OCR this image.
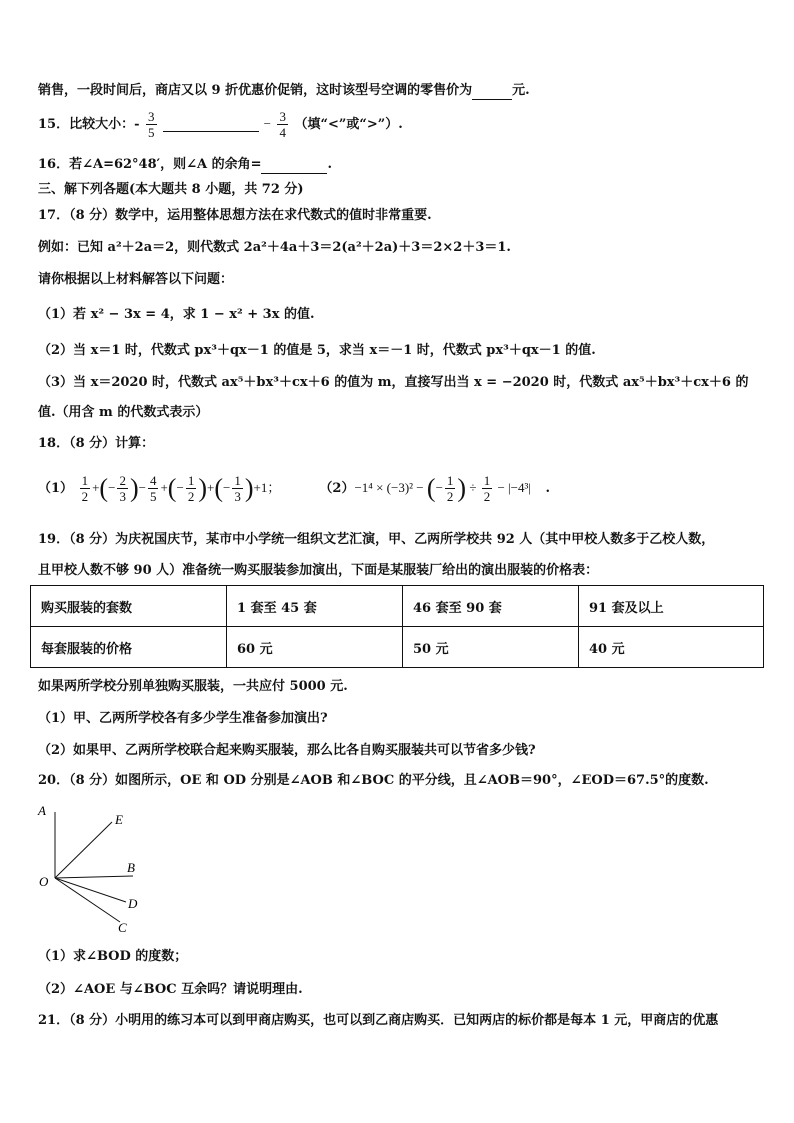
销售，一段时间后，商店又以 9 折优惠价促销，这时该型号空调的零售价为	元.
15．比较大小：- $\frac{3}{5}$	− $\frac{3}{4}$ （填“<”或“>”）.
16．若∠A=62°48′，则∠A 的余角=	.
三、解下列各题(本大题共 8 小题，共 72 分)
17．（8 分）数学中，运用整体思想方法在求代数式的值时非常重要.
例如：已知 a²＋2a＝2，则代数式 2a²＋4a＋3＝2(a²＋2a)＋3＝2×2＋3＝1.
请你根据以上材料解答以下问题：
（1）若 x² − 3x = 4，求 1 − x² + 3x 的值.
（2）当 x＝1 时，代数式 px³＋qx－1 的值是 5，求当 x＝－1 时，代数式 px³＋qx－1 的值.
（3）当 x＝2020 时，代数式 ax⁵＋bx³＋cx＋6 的值为 m，直接写出当 x = −2020 时，代数式 ax⁵＋bx³＋cx＋6 的
值.（用含 m 的代数式表示）
18．（8 分）计算：
$(1) \frac{1}{2}$ +(− $\frac{2}{3}$ )− $\frac{4}{5}$ +(− $\frac{1}{2}$ )+(− $\frac{1}{3} )+1$；	（2）−1⁴ × (−3)² − (− $\frac{1}{2}$ ) ÷ $\frac{1}{2} - |-4^3|$ .
19．（8 分）为庆祝国庆节，某市中小学统一组织文艺汇演，甲、乙两所学校共 92 人（其中甲校人数多于乙校人数，
且甲校人数不够 90 人）准备统一购买服装参加演出，下面是某服装厂给出的演出服装的价格表：
购买服装的套数	1 套至 45 套	46 套至 90 套	91 套及以上
每套服装的价格	60 元	50 元	40 元
如果两所学校分别单独购买服装，一共应付 5000 元.
（1）甲、乙两所学校各有多少学生准备参加演出?
（2）如果甲、乙两所学校联合起来购买服装，那么比各自购买服装共可以节省多少钱?
20．（8 分）如图所示，OE 和 OD 分别是∠AOB 和∠BOC 的平分线，且∠AOB＝90°，∠EOD＝67.5°的度数.
A
E
B
O
D
C
（1）求∠BOD 的度数；
（2）∠AOE 与∠BOC 互余吗？请说明理由.
21．（8 分）小明用的练习本可以到甲商店购买，也可以到乙商店购买．已知两店的标价都是每本 1 元，甲商店的优惠
